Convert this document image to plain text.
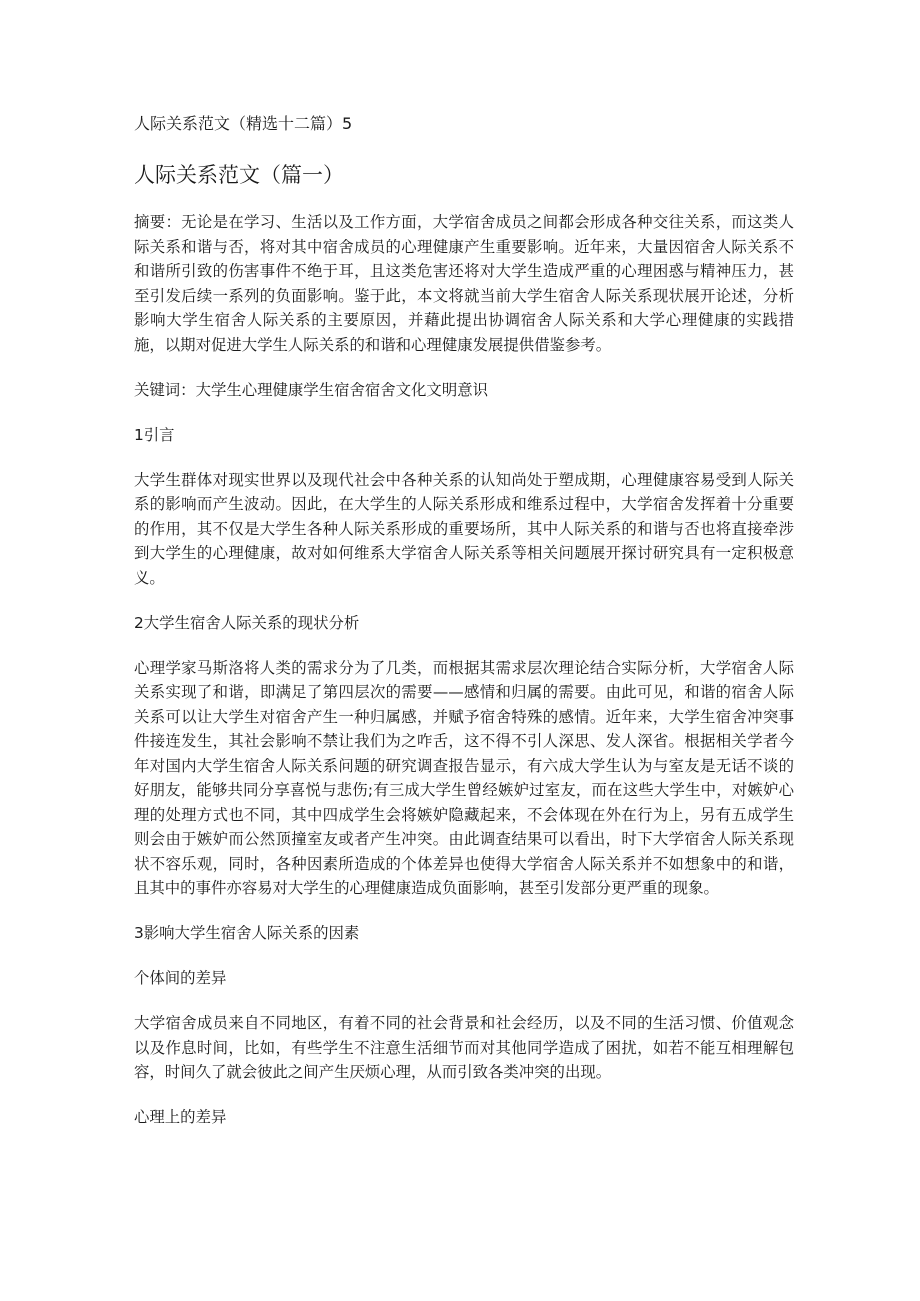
人际关系范文（精选十二篇）5
人际关系范文（篇一）

摘要：无论是在学习、生活以及工作方面，大学宿舍成员之间都会形成各种交往关系，而这类人际关系和谐与否，将对其中宿舍成员的心理健康产生重要影响。近年来，大量因宿舍人际关系不和谐所引致的伤害事件不绝于耳，且这类危害还将对大学生造成严重的心理困惑与精神压力，甚至引发后续一系列的负面影响。鉴于此，本文将就当前大学生宿舍人际关系现状展开论述，分析影响大学生宿舍人际关系的主要原因，并藉此提出协调宿舍人际关系和大学心理健康的实践措施，以期对促进大学生人际关系的和谐和心理健康发展提供借鉴参考。

关键词：大学生心理健康学生宿舍宿舍文化文明意识

1引言

大学生群体对现实世界以及现代社会中各种关系的认知尚处于塑成期，心理健康容易受到人际关系的影响而产生波动。因此，在大学生的人际关系形成和维系过程中，大学宿舍发挥着十分重要的作用，其不仅是大学生各种人际关系形成的重要场所，其中人际关系的和谐与否也将直接牵涉到大学生的心理健康，故对如何维系大学宿舍人际关系等相关问题展开探讨研究具有一定积极意义。

2大学生宿舍人际关系的现状分析

心理学家马斯洛将人类的需求分为了几类，而根据其需求层次理论结合实际分析，大学宿舍人际关系实现了和谐，即满足了第四层次的需要——感情和归属的需要。由此可见，和谐的宿舍人际关系可以让大学生对宿舍产生一种归属感，并赋予宿舍特殊的感情。近年来，大学生宿舍冲突事件接连发生，其社会影响不禁让我们为之咋舌，这不得不引人深思、发人深省。根据相关学者今年对国内大学生宿舍人际关系问题的研究调查报告显示，有六成大学生认为与室友是无话不谈的好朋友，能够共同分享喜悦与悲伤;有三成大学生曾经嫉妒过室友，而在这些大学生中，对嫉妒心理的处理方式也不同，其中四成学生会将嫉妒隐藏起来，不会体现在外在行为上，另有五成学生则会由于嫉妒而公然顶撞室友或者产生冲突。由此调查结果可以看出，时下大学宿舍人际关系现状不容乐观，同时，各种因素所造成的个体差异也使得大学宿舍人际关系并不如想象中的和谐，且其中的事件亦容易对大学生的心理健康造成负面影响，甚至引发部分更严重的现象。

3影响大学生宿舍人际关系的因素
个体间的差异

大学宿舍成员来自不同地区，有着不同的社会背景和社会经历，以及不同的生活习惯、价值观念以及作息时间，比如，有些学生不注意生活细节而对其他同学造成了困扰，如若不能互相理解包容，时间久了就会彼此之间产生厌烦心理，从而引致各类冲突的出现。

心理上的差异
